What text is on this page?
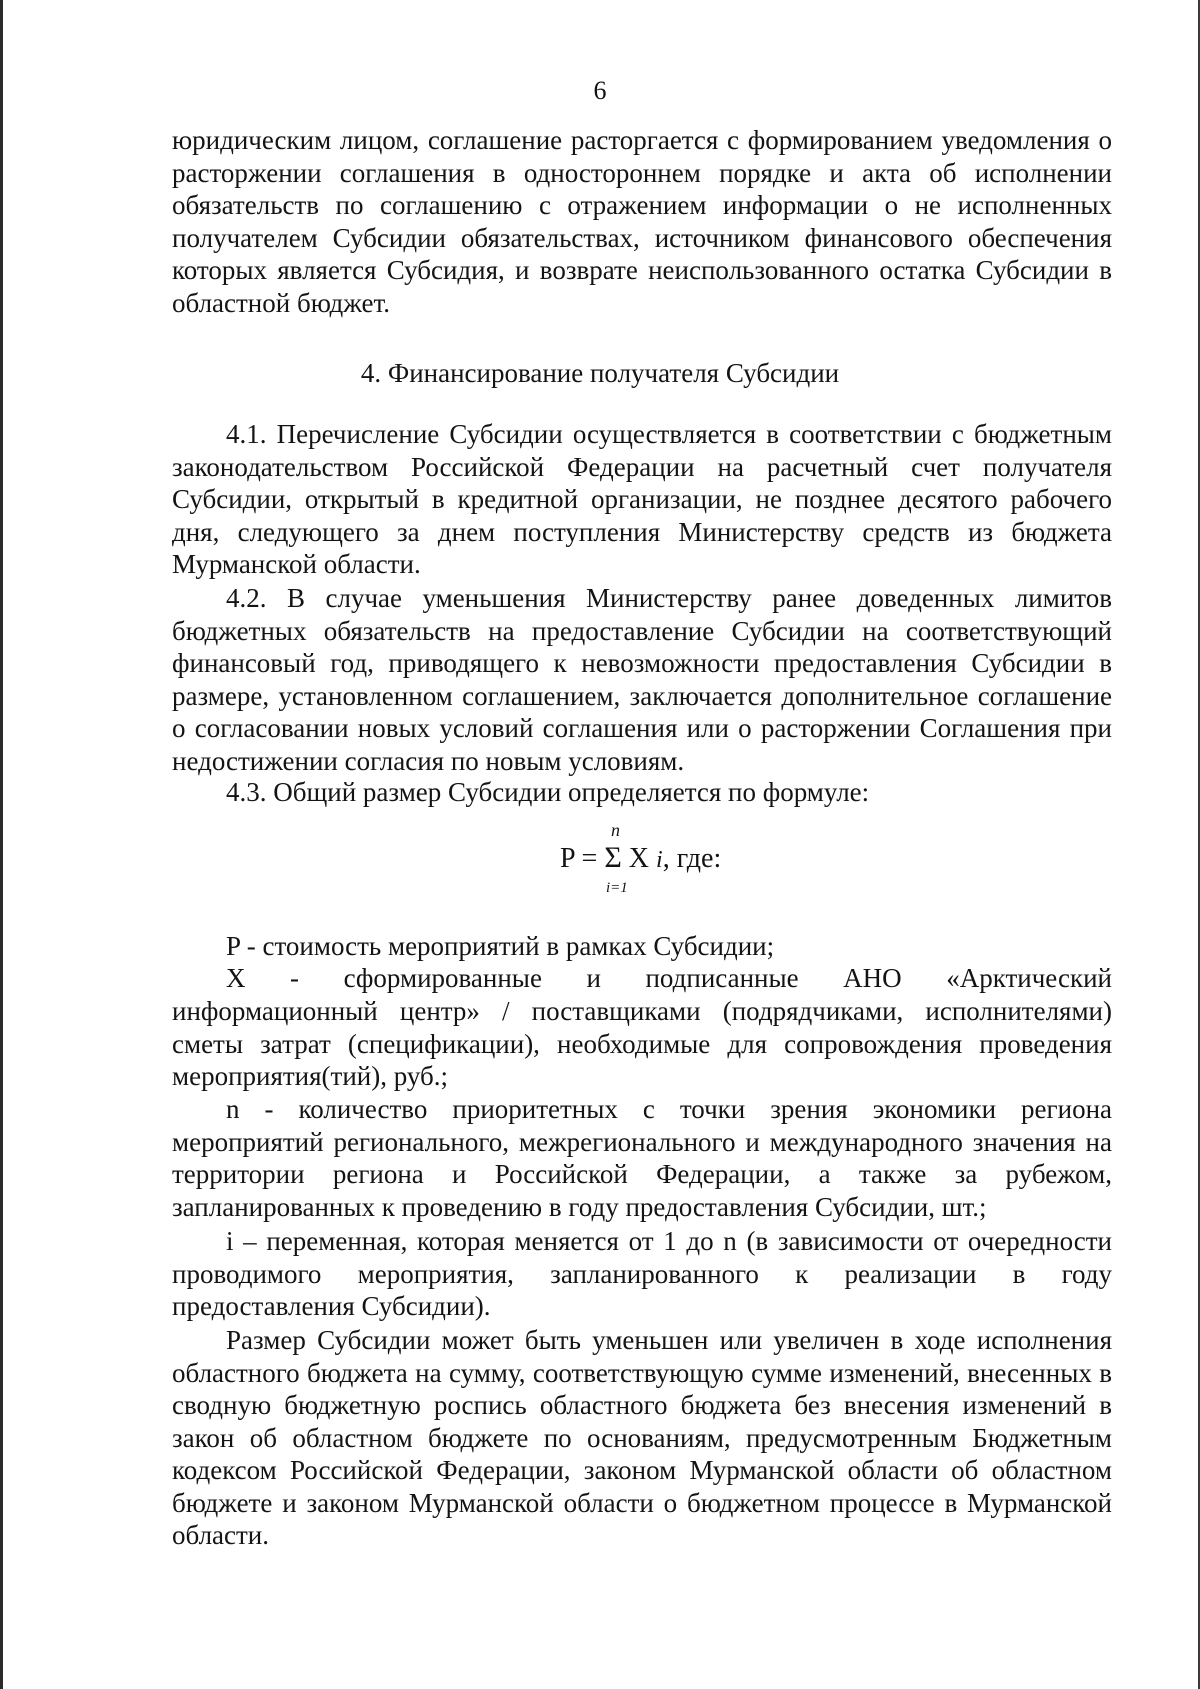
6
юридическим лицом, соглашение расторгается с формированием уведомления о расторжении соглашения в одностороннем порядке и акта об исполнении обязательств по соглашению с отражением информации о не исполненных получателем Субсидии обязательствах, источником финансового обеспечения которых является Субсидия, и возврате неиспользованного остатка Субсидии в областной бюджет.
4. Финансирование получателя Субсидии
4.1. Перечисление Субсидии осуществляется в соответствии с бюджетным законодательством Российской Федерации на расчетный счет получателя Субсидии, открытый в кредитной организации, не позднее десятого рабочего дня, следующего за днем поступления Министерству средств из бюджета Мурманской области.
4.2. В случае уменьшения Министерству ранее доведенных лимитов бюджетных обязательств на предоставление Субсидии на соответствующий финансовый год, приводящего к невозможности предоставления Субсидии в размере, установленном соглашением, заключается дополнительное соглашение о согласовании новых условий соглашения или о расторжении Соглашения при недостижении согласия по новым условиям.
4.3. Общий размер Субсидии определяется по формуле:
n
P = Σ X i, где:
i=1
P - стоимость мероприятий в рамках Субсидии;
X - сформированные и подписанные АНО «Арктический
информационный центр» / поставщиками (подрядчиками, исполнителями) сметы затрат (спецификации), необходимые для сопровождения проведения мероприятия(тий), руб.;
n - количество приоритетных с точки зрения экономики региона мероприятий регионального, межрегионального и международного значения на территории региона и Российской Федерации, а также за рубежом, запланированных к проведению в году предоставления Субсидии, шт.;
i – переменная, которая меняется от 1 до n (в зависимости от очередности проводимого мероприятия, запланированного к реализации в году предоставления Субсидии).
Размер Субсидии может быть уменьшен или увеличен в ходе исполнения областного бюджета на сумму, соответствующую сумме изменений, внесенных в сводную бюджетную роспись областного бюджета без внесения изменений в закон об областном бюджете по основаниям, предусмотренным Бюджетным кодексом Российской Федерации, законом Мурманской области об областном бюджете и законом Мурманской области о бюджетном процессе в Мурманской области.
